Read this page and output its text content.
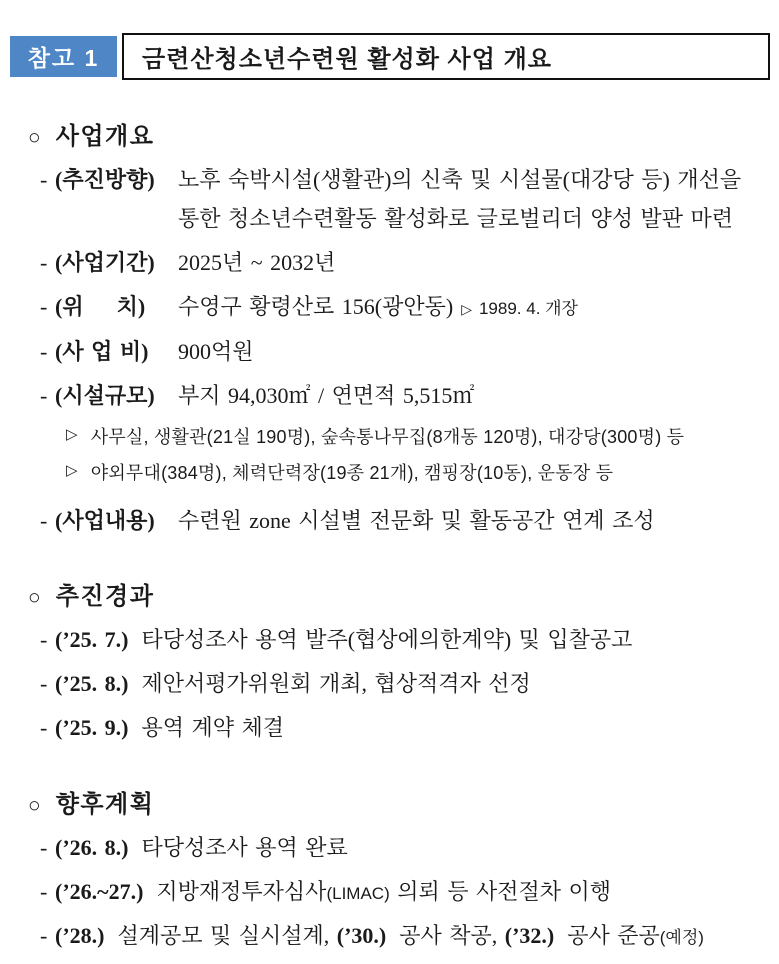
참고 1	금련산청소년수련원 활성화 사업 개요
○ 사업개요
- (추진방향)	노후 숙박시설(생활관)의 신축 및 시설물(대강당 등) 개선을 통한 청소년수련활동 활성화로 글로벌리더 양성 발판 마련
- (사업기간)	2025년 ~ 2032년
- (위  치)	수영구 황령산로 156(광안동) ▷ 1989. 4. 개장
- (사 업 비)	900억원
- (시설규모)	부지 94,030㎡ / 연면적 5,515㎡
▷ 사무실, 생활관(21실 190명), 숲속통나무집(8개동 120명), 대강당(300명) 등
▷ 야외무대(384명), 체력단력장(19종 21개), 캠핑장(10동), 운동장 등
- (사업내용)	수련원 zone 시설별 전문화 및 활동공간 연계 조성
○ 추진경과
- (’25. 7.) 타당성조사 용역 발주(협상에의한계약) 및 입찰공고
- (’25. 8.) 제안서평가위원회 개최, 협상적격자 선정
- (’25. 9.) 용역 계약 체결
○ 향후계획
- (’26. 8.) 타당성조사 용역 완료
- (’26.~27.) 지방재정투자심사(LIMAC) 의뢰 등 사전절차 이행
- (’28.) 설계공모 및 실시설계, (’30.) 공사 착공, (’32.) 공사 준공(예정)
